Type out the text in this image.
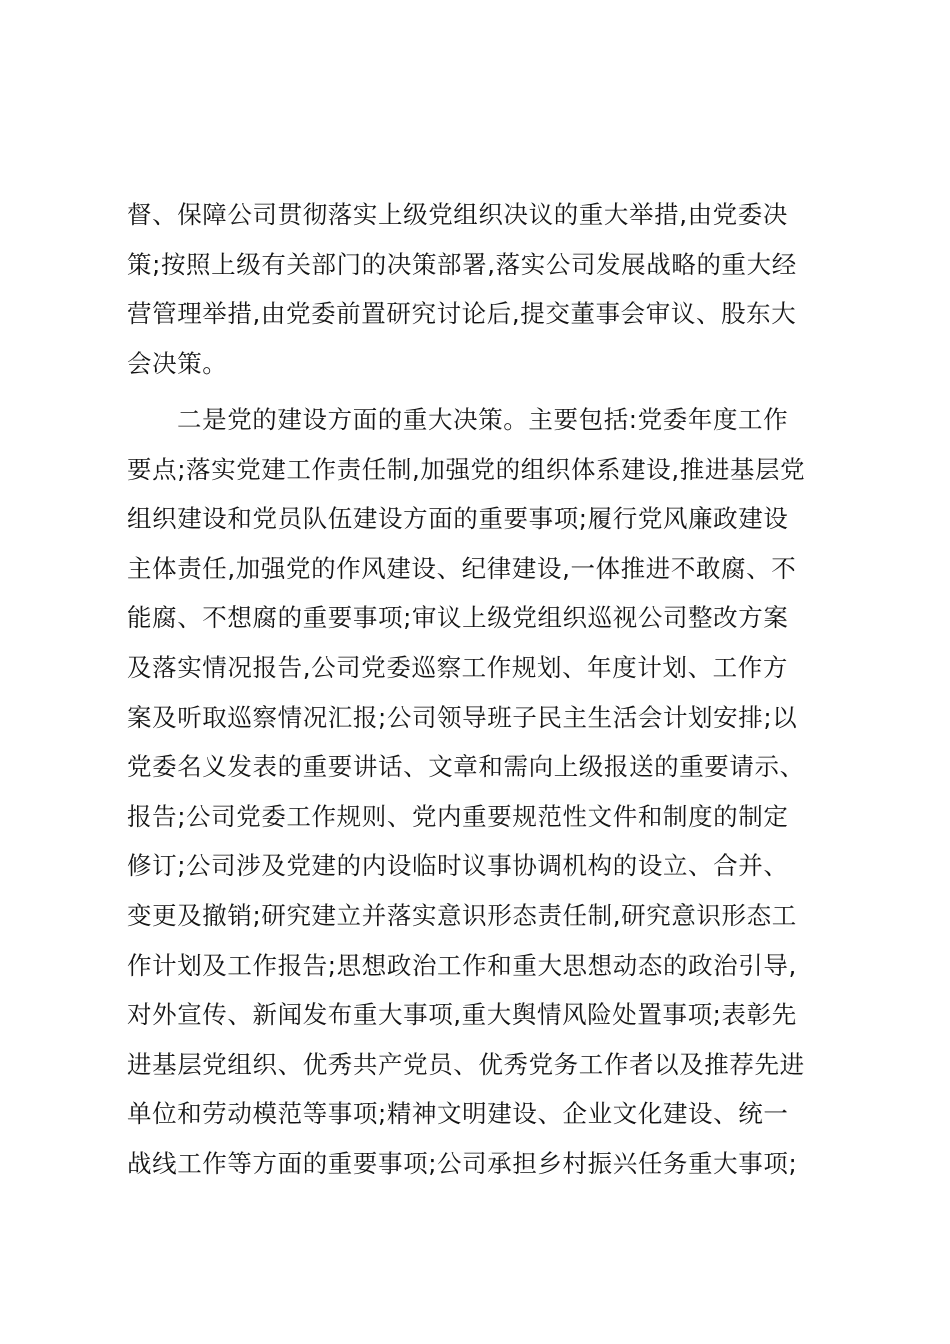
督、保障公司贯彻落实上级党组织决议的重大举措,由党委决
策;按照上级有关部门的决策部署,落实公司发展战略的重大经
营管理举措,由党委前置研究讨论后,提交董事会审议、股东大
会决策。
二是党的建设方面的重大决策。主要包括:党委年度工作
要点;落实党建工作责任制,加强党的组织体系建设,推进基层党
组织建设和党员队伍建设方面的重要事项;履行党风廉政建设
主体责任,加强党的作风建设、纪律建设,一体推进不敢腐、不
能腐、不想腐的重要事项;审议上级党组织巡视公司整改方案
及落实情况报告,公司党委巡察工作规划、年度计划、工作方
案及听取巡察情况汇报;公司领导班子民主生活会计划安排;以
党委名义发表的重要讲话、文章和需向上级报送的重要请示、
报告;公司党委工作规则、党内重要规范性文件和制度的制定
修订;公司涉及党建的内设临时议事协调机构的设立、合并、
变更及撤销;研究建立并落实意识形态责任制,研究意识形态工
作计划及工作报告;思想政治工作和重大思想动态的政治引导,
对外宣传、新闻发布重大事项,重大舆情风险处置事项;表彰先
进基层党组织、优秀共产党员、优秀党务工作者以及推荐先进
单位和劳动模范等事项;精神文明建设、企业文化建设、统一
战线工作等方面的重要事项;公司承担乡村振兴任务重大事项;
